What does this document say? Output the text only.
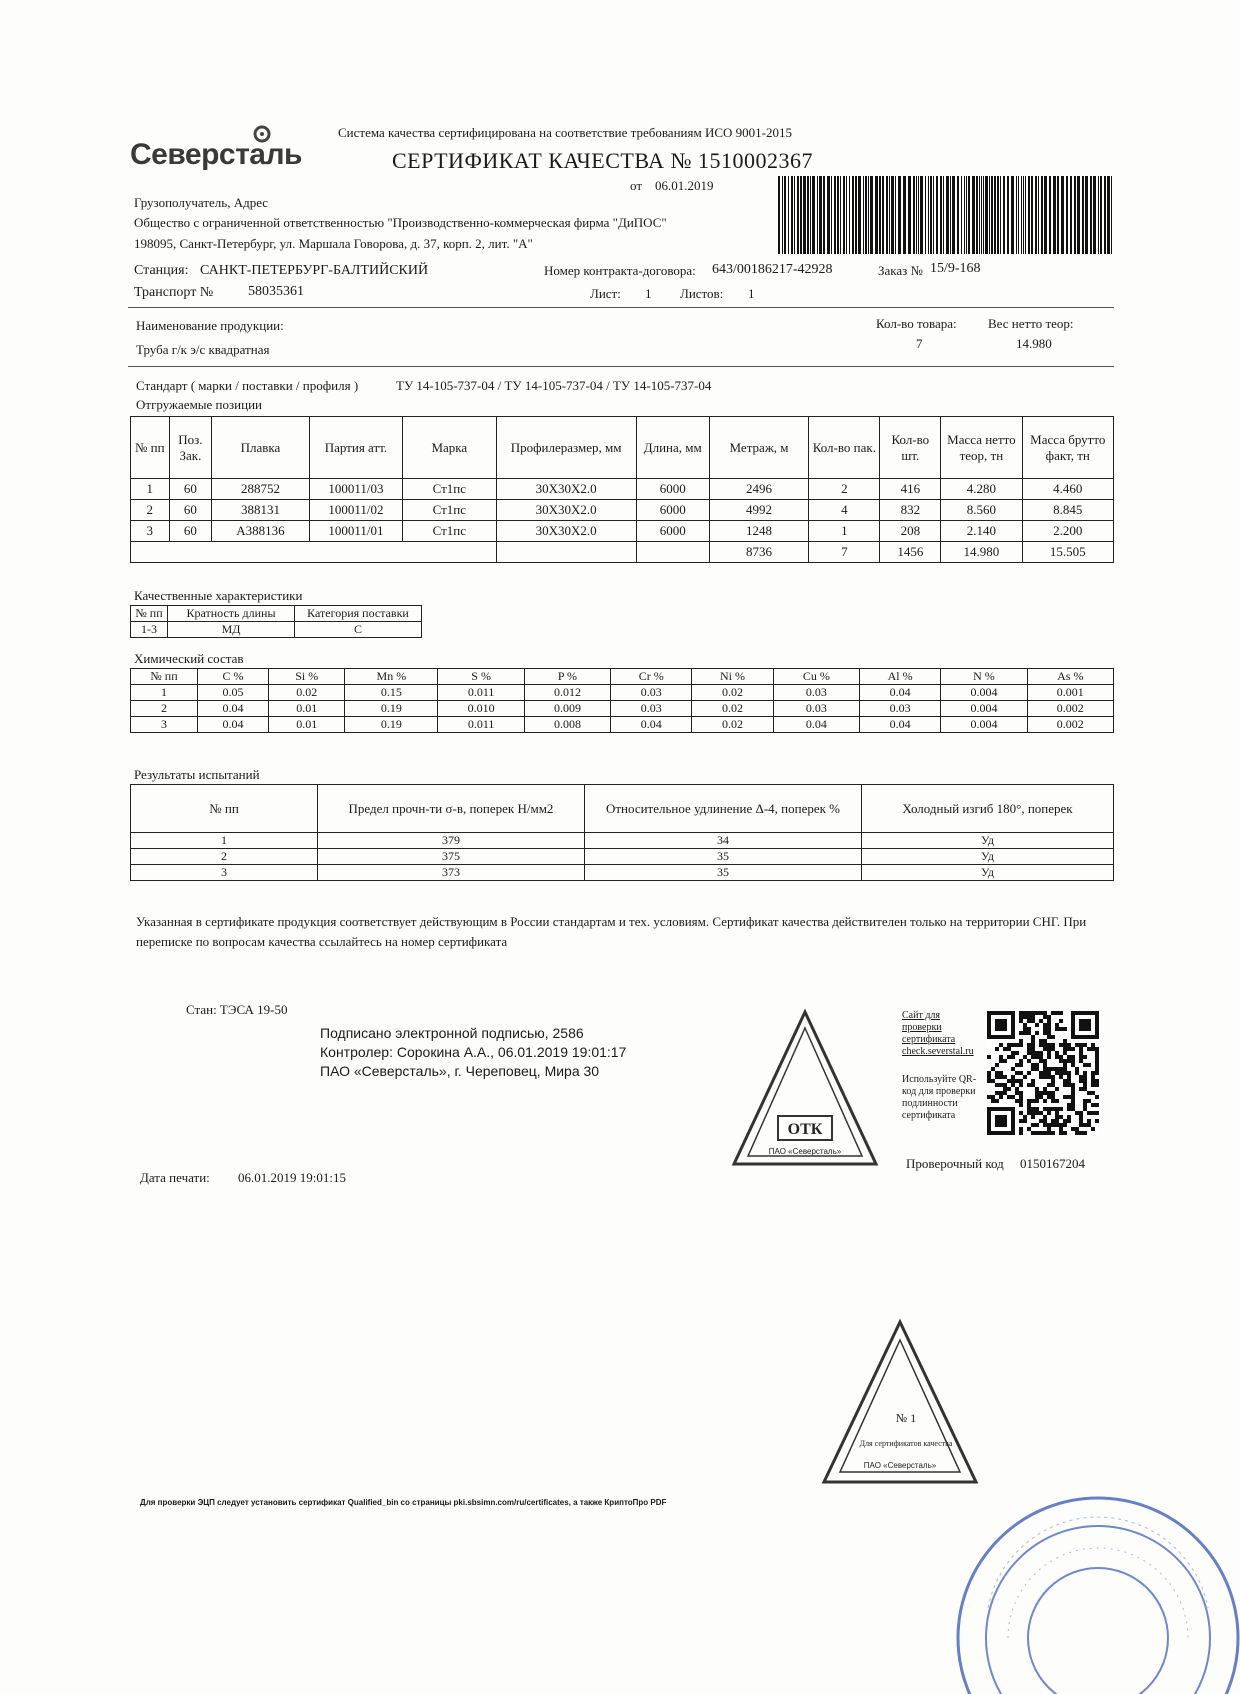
Северсталь
Система качества сертифицирована на соответствие требованиям ИСО 9001-2015
СЕРТИФИКАТ КАЧЕСТВА № 1510002367
от 06.01.2019
Грузополучатель, Адрес
Общество с ограниченной ответственностью "Производственно-коммерческая фирма "ДиПОС"
198095, Санкт-Петербург, ул. Маршала Говорова, д. 37, корп. 2, лит. "А"
Станция: САНКТ-ПЕТЕРБУРГ-БАЛТИЙСКИЙ
Транспорт № 58035361
Номер контракта-договора: 643/00186217-42928	Заказ № 15/9-168
Лист: 1 Листов: 1
Наименование продукции:
Труба г/к э/с квадратная
Кол-во товара:
7
Вес нетто теор:
14.980
Стандарт ( марки / поставки / профиля )	ТУ 14-105-737-04 / ТУ 14-105-737-04 / ТУ 14-105-737-04
Отгружаемые позиции
№ пп	Поз. Зак.	Плавка	Партия атт.	Марка	Профилеразмер, мм	Длина, мм	Метраж, м	Кол-во пак.	Кол-во шт.	Масса нетто теор, тн	Масса брутто факт, тн
1	60	288752	100011/03	Ст1пс	30Х30Х2.0	6000	2496	2	416	4.280	4.460
2	60	388131	100011/02	Ст1пс	30Х30Х2.0	6000	4992	4	832	8.560	8.845
3	60	А388136	100011/01	Ст1пс	30Х30Х2.0	6000	1248	1	208	2.140	2.200
							8736	7	1456	14.980	15.505
Качественные характеристики
№ пп	Кратность длины	Категория поставки
1-3	МД	С
Химический состав
№ пп	C %	Si %	Mn %	S %	P %	Cr %	Ni %	Cu %	Al %	N %	As %
1	0.05	0.02	0.15	0.011	0.012	0.03	0.02	0.03	0.04	0.004	0.001
2	0.04	0.01	0.19	0.010	0.009	0.03	0.02	0.03	0.03	0.004	0.002
3	0.04	0.01	0.19	0.011	0.008	0.04	0.02	0.04	0.04	0.004	0.002
Результаты испытаний
№ пп	Предел прочн-ти σ-в, поперек Н/мм2	Относительное удлинение Δ-4, поперек %	Холодный изгиб 180°, поперек
1	379	34	Уд
2	375	35	Уд
3	373	35	Уд
Указанная в сертификате продукция соответствует действующим в России стандартам и тех. условиям. Сертификат качества действителен только на территории СНГ. При переписке по вопросам качества ссылайтесь на номер сертификата
Стан: ТЭСА 19-50
Подписано электронной подписью, 2586
Контролер: Сорокина А.А., 06.01.2019 19:01:17
ПАО «Северсталь», г. Череповец, Мира 30
Дата печати: 06.01.2019 19:01:15
ОТК
ПАО «Северсталь»
Сайт для проверки сертификата check.severstal.ru
Используйте QR-код для проверки подлинности сертификата
Проверочный код 0150167204
№ 1
Для сертификатов качества
ПАО «Северсталь»
Для проверки ЭЦП следует установить сертификат Qualified_bin со страницы pki.sbsimn.com/ru/certificates, а также КриптоПро PDF
